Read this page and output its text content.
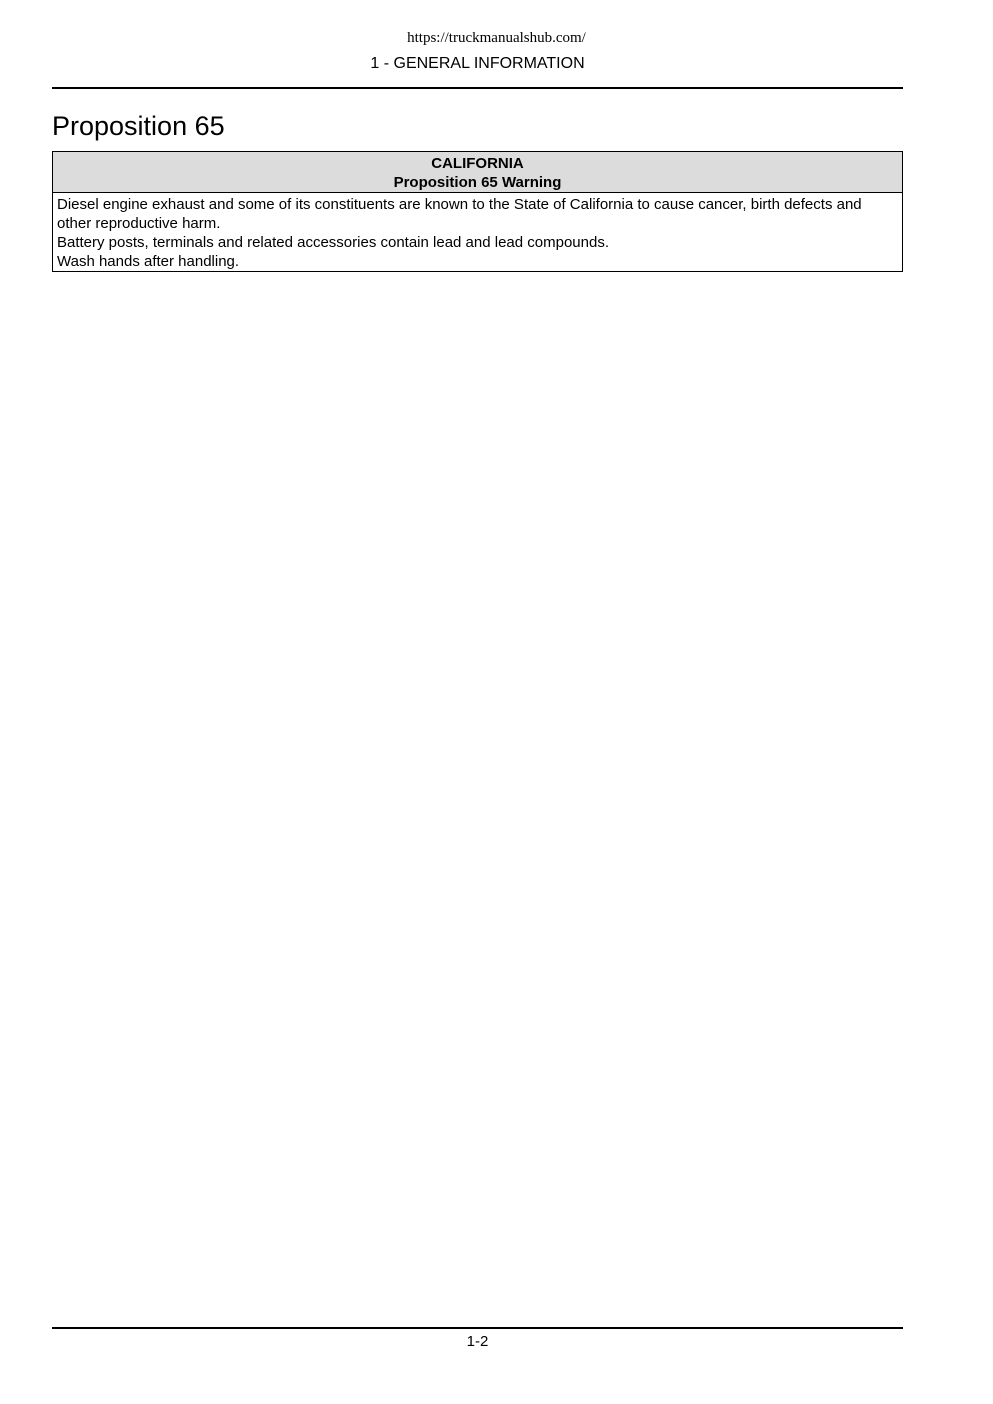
https://truckmanualshub.com/
1 - GENERAL INFORMATION
Proposition 65
CALIFORNIA
Proposition 65 Warning

Diesel engine exhaust and some of its constituents are known to the State of California to cause cancer, birth defects and other reproductive harm.

Battery posts, terminals and related accessories contain lead and lead compounds.

Wash hands after handling.

1-2
